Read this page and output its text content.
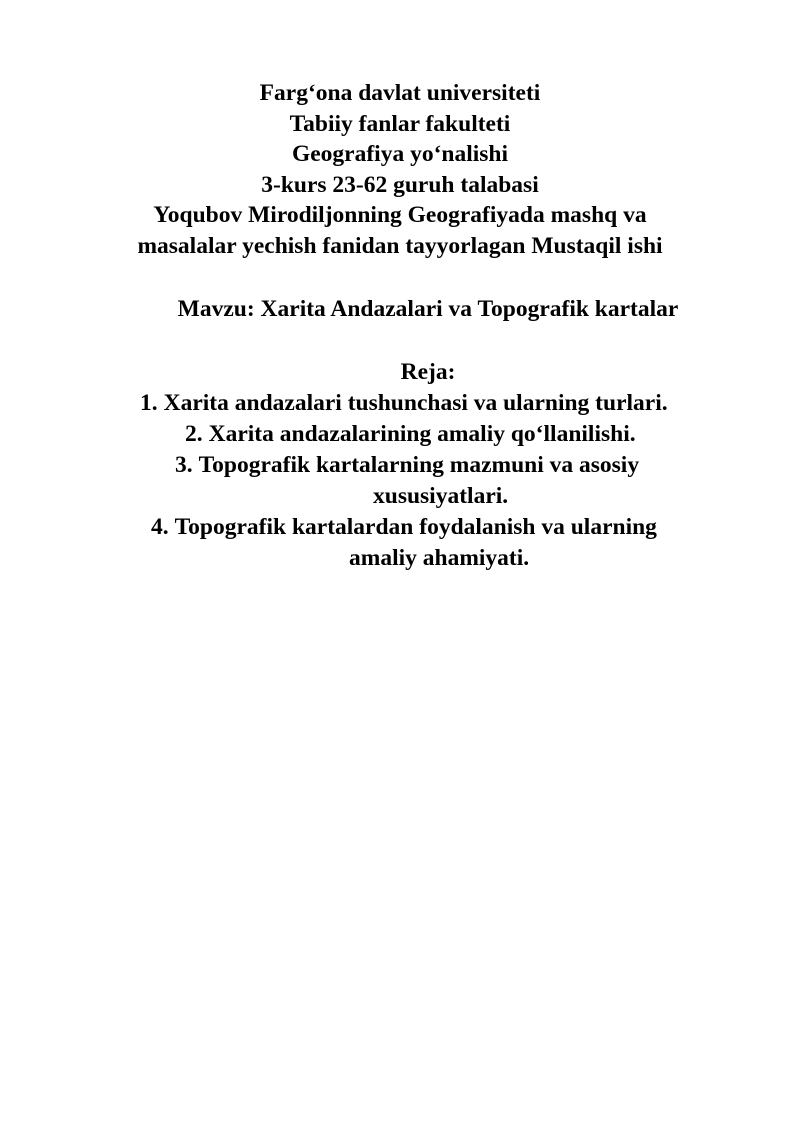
Farg‘ona davlat universiteti
Tabiiy fanlar fakulteti
Geografiya yo‘nalishi
3-kurs 23-62 guruh talabasi
Yoqubov Mirodiljonning Geografiyada mashq va
masalalar yechish fanidan tayyorlagan Mustaqil ishi
Mavzu: Xarita Andazalari va Topografik kartalar
Reja:
1. Xarita andazalari tushunchasi va ularning turlari.
2. Xarita andazalarining amaliy qo‘llanilishi.
3. Topografik kartalarning mazmuni va asosiy
xususiyatlari.
4. Topografik kartalardan foydalanish va ularning
amaliy ahamiyati.
